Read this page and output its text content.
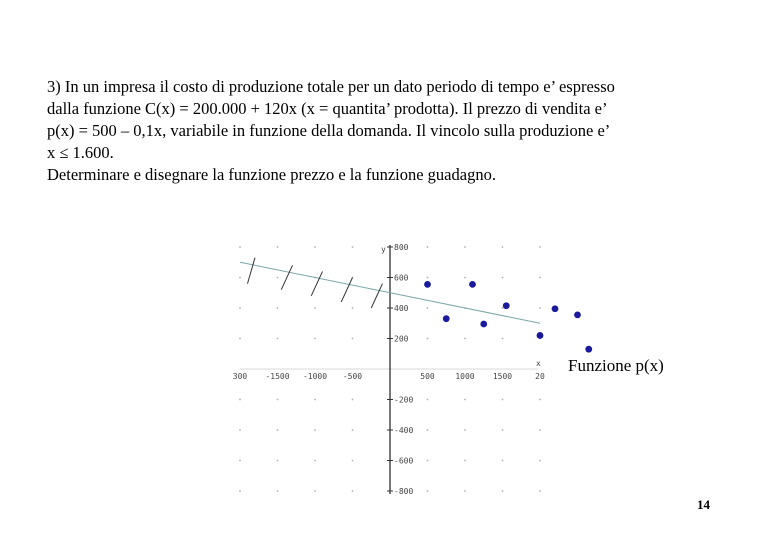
3) In un impresa il costo di produzione totale per un dato periodo di tempo e’ espresso

dalla funzione C(x) = 200.000 + 120x (x = quantita’ prodotta). Il prezzo di vendita e’

p(x) = 500 – 0,1x, variabile in funzione della domanda. Il vincolo sulla produzione e’

x ≤ 1.600.

Determinare e disegnare la funzione prezzo e la funzione guadagno.

800
600
400
200
-200
-400
-600
-800
300 -1500 -1000 -500	500	1000 1500	20
x
y
Funzione p(x)
14
